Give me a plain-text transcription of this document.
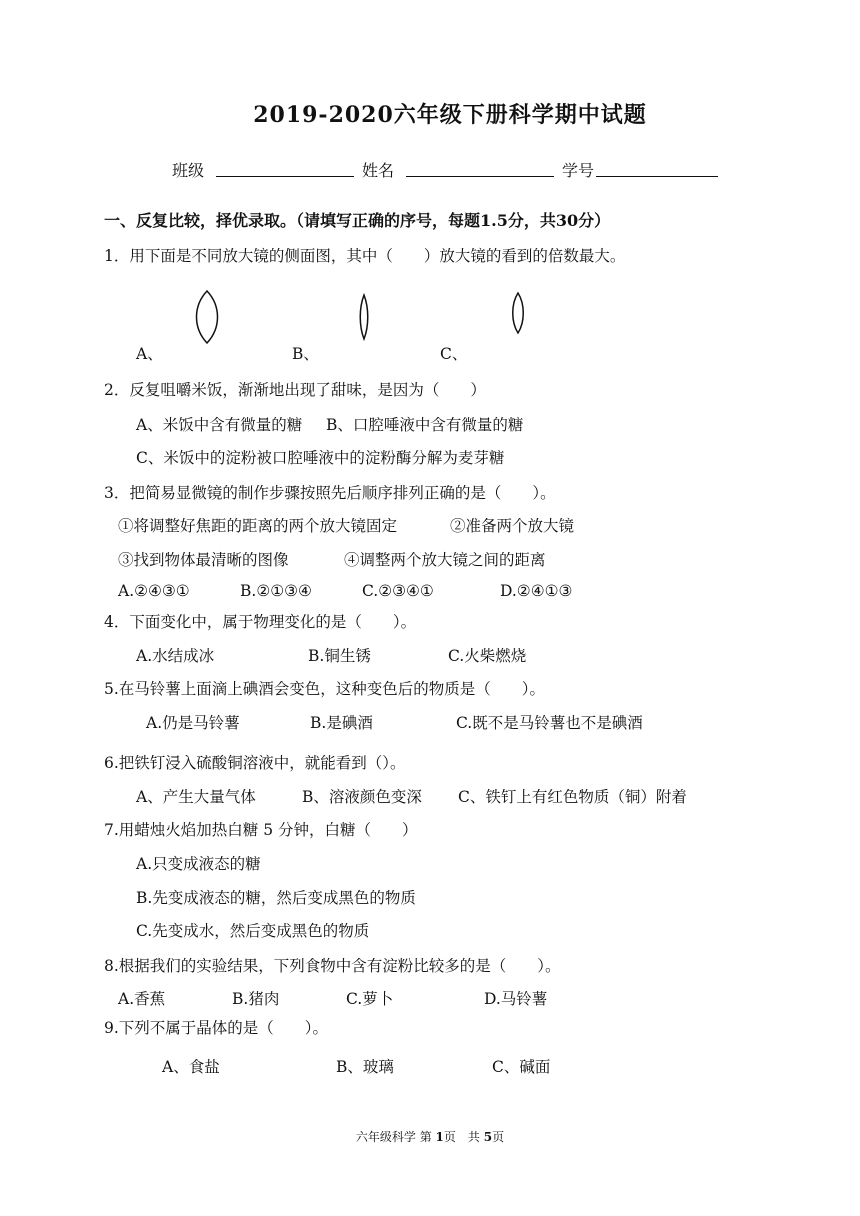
2019-2020六年级下册科学期中试题
班级	姓名	学号
一、反复比较，择优录取。（请填写正确的序号，每题1.5分，共30分）
1．用下面是不同放大镜的侧面图，其中（　　）放大镜的看到的倍数最大。
A、	B、	C、
2．反复咀嚼米饭，渐渐地出现了甜味，是因为（　　）
A、米饭中含有微量的糖 B、口腔唾液中含有微量的糖
C、米饭中的淀粉被口腔唾液中的淀粉酶分解为麦芽糖
3．把简易显微镜的制作步骤按照先后顺序排列正确的是（　　）。
①将调整好焦距的距离的两个放大镜固定	②准备两个放大镜
③找到物体最清晰的图像	④调整两个放大镜之间的距离
A.②④③①	B.②①③④	C.②③④①	D.②④①③
4．下面变化中，属于物理变化的是（　　）。
A.水结成冰	B.铜生锈	C.火柴燃烧
5.在马铃薯上面滴上碘酒会变色，这种变色后的物质是（　　）。
A.仍是马铃薯	B.是碘酒	C.既不是马铃薯也不是碘酒
6.把铁钉浸入硫酸铜溶液中，就能看到（）。
A、产生大量气体	B、溶液颜色变深 C、铁钉上有红色物质（铜）附着
7.用蜡烛火焰加热白糖 5 分钟，白糖（　　）
A.只变成液态的糖
B.先变成液态的糖，然后变成黑色的物质
C.先变成水，然后变成黑色的物质
8.根据我们的实验结果，下列食物中含有淀粉比较多的是（　　）。
A.香蕉	B.猪肉	C.萝卜	D.马铃薯
9.下列不属于晶体的是（　　）。
A、食盐	B、玻璃	C、碱面
六年级科学 第 1页　共 5页
